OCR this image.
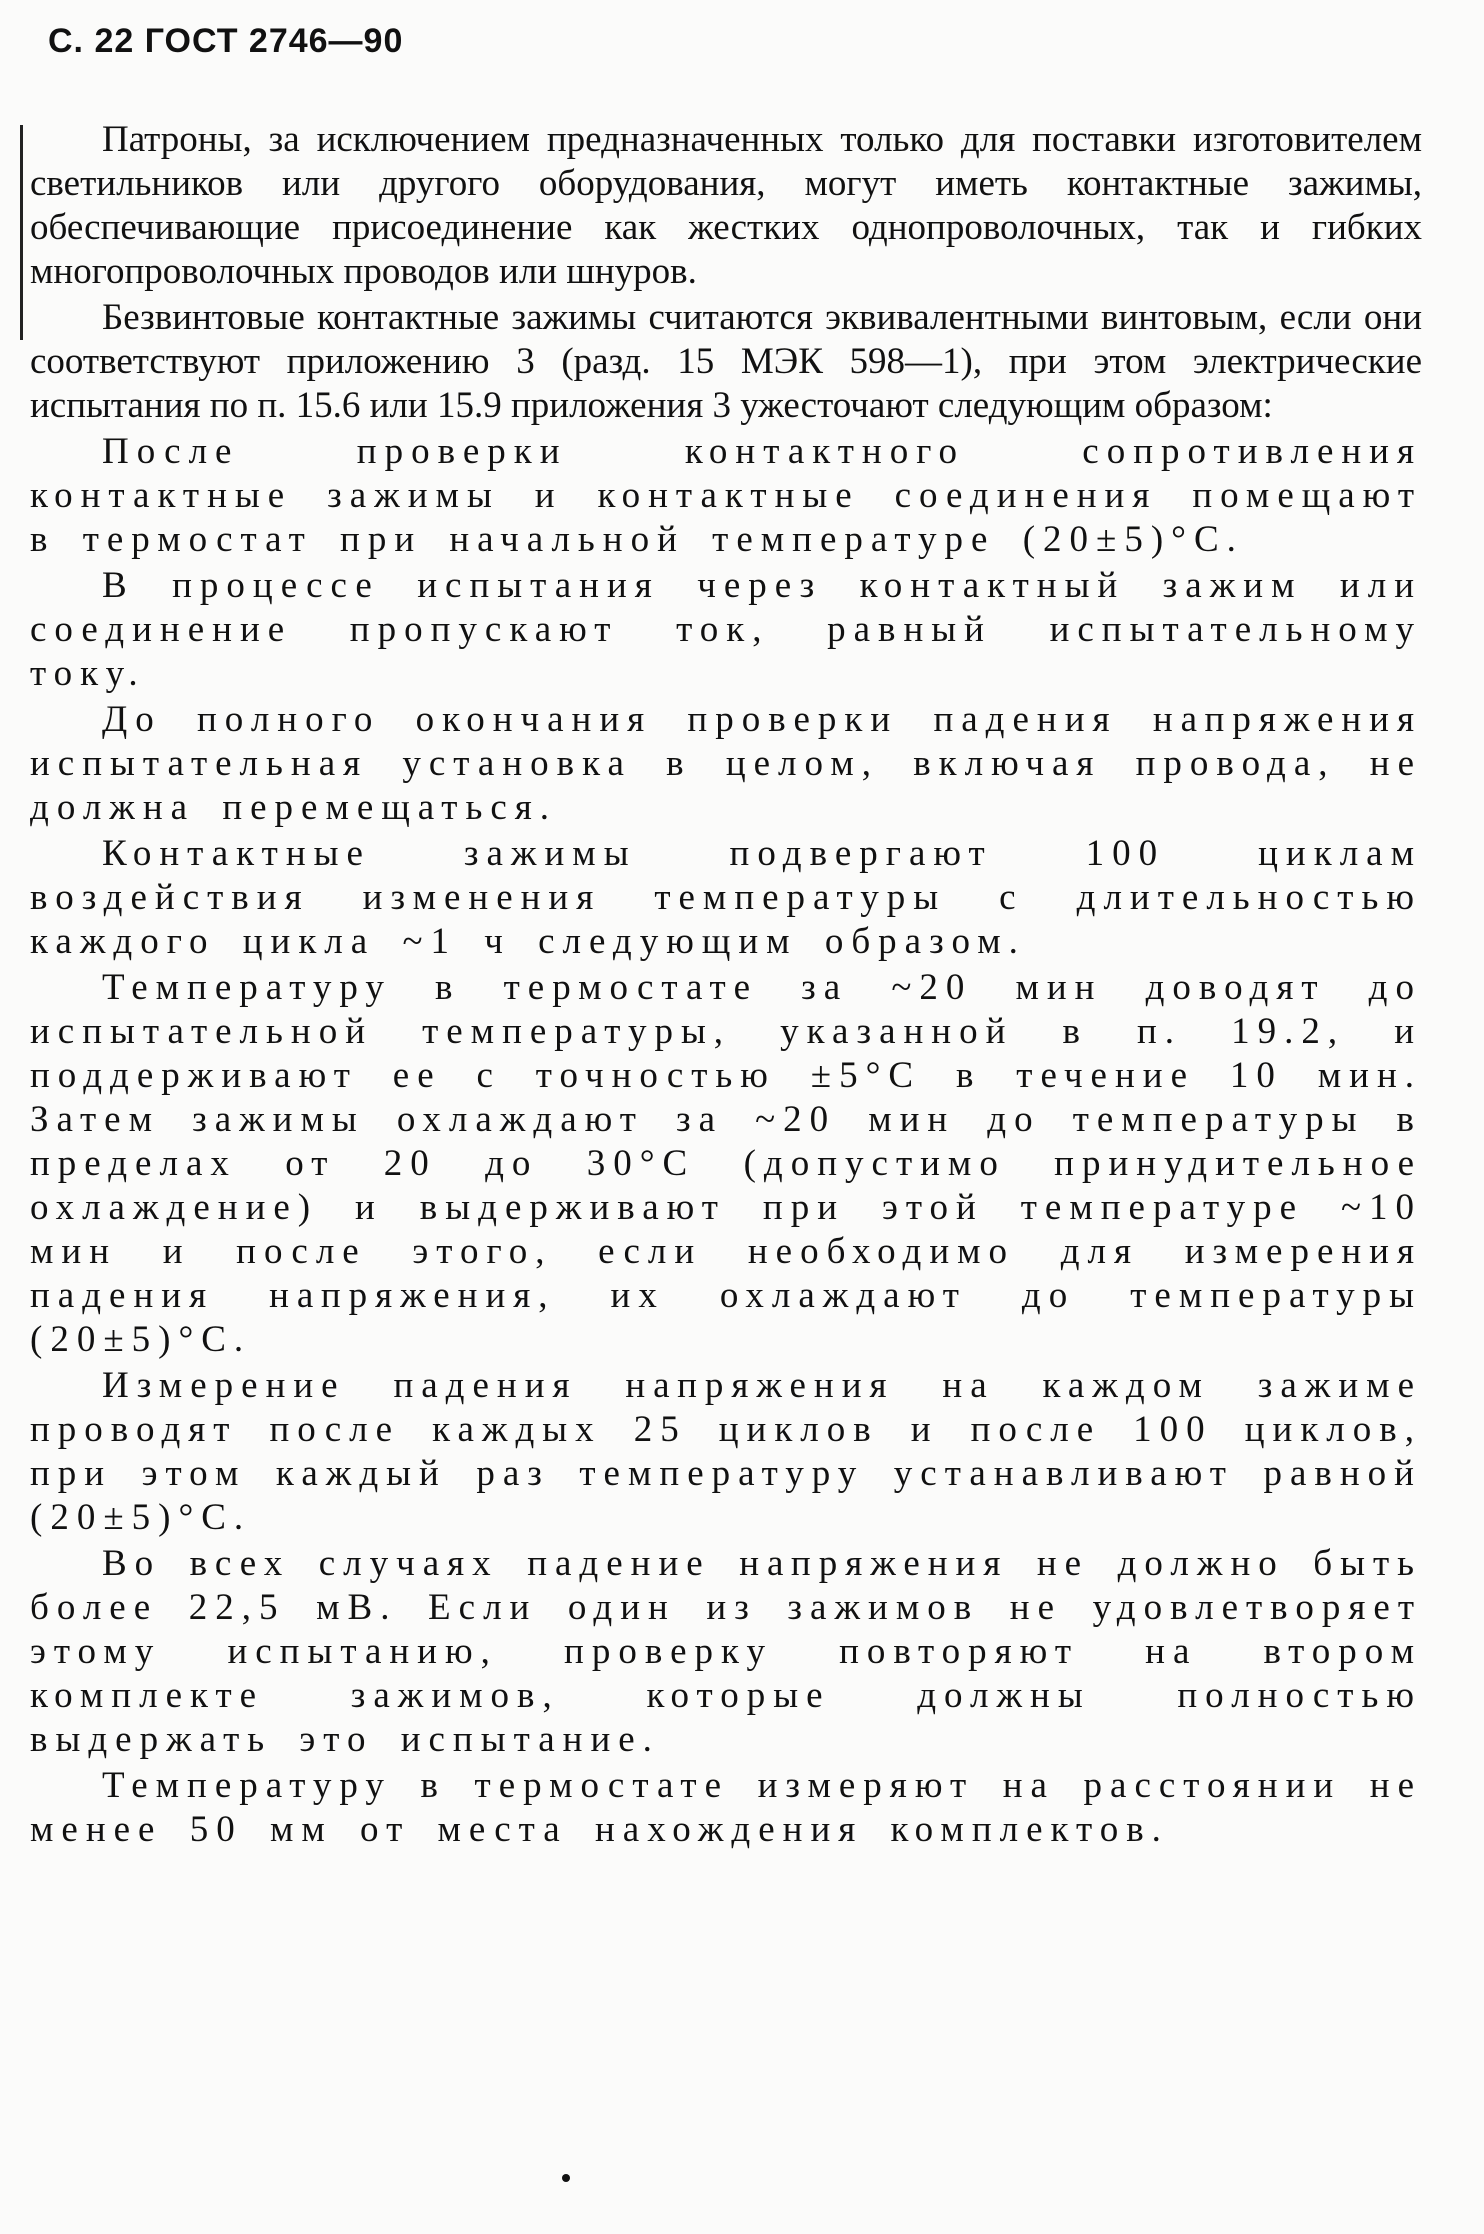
С. 22 ГОСТ 2746—90

Патроны, за исключением предназначенных только для поставки изготовителем светильников или другого оборудования, могут иметь контактные зажимы, обеспечивающие присоединение как жестких однопроволочных, так и гибких многопроволочных проводов или шнуров.

Безвинтовые контактные зажимы считаются эквивалентными винтовым, если они соответствуют приложению 3 (разд. 15 МЭК 598—1), при этом электрические испытания по п. 15.6 или 15.9 приложения 3 ужесточают следующим образом:

После проверки контактного сопротивления контактные зажимы и контактные соединения помещают в термостат при начальной температуре (20±5)°С.

В процессе испытания через контактный зажим или соединение пропускают ток, равный испытательному току.

До полного окончания проверки падения напряжения испытательная установка в целом, включая провода, не должна перемещаться.

Контактные зажимы подвергают 100 циклам воздействия изменения температуры с длительностью каждого цикла ~1 ч следующим образом.

Температуру в термостате за ~20 мин доводят до испытательной температуры, указанной в п. 19.2, и поддерживают ее с точностью ±5°С в течение 10 мин. Затем зажимы охлаждают за ~20 мин до температуры в пределах от 20 до 30°С (допустимо принудительное охлаждение) и выдерживают при этой температуре ~10 мин и после этого, если необходимо для измерения падения напряжения, их охлаждают до температуры (20±5)°С.

Измерение падения напряжения на каждом зажиме проводят после каждых 25 циклов и после 100 циклов, при этом каждый раз температуру устанавливают равной (20±5)°С.

Во всех случаях падение напряжения не должно быть более 22,5 мВ. Если один из зажимов не удовлетворяет этому испытанию, проверку повторяют на втором комплекте зажимов, которые должны полностью выдержать это испытание.

Температуру в термостате измеряют на расстоянии не менее 50 мм от места нахождения комплектов.
